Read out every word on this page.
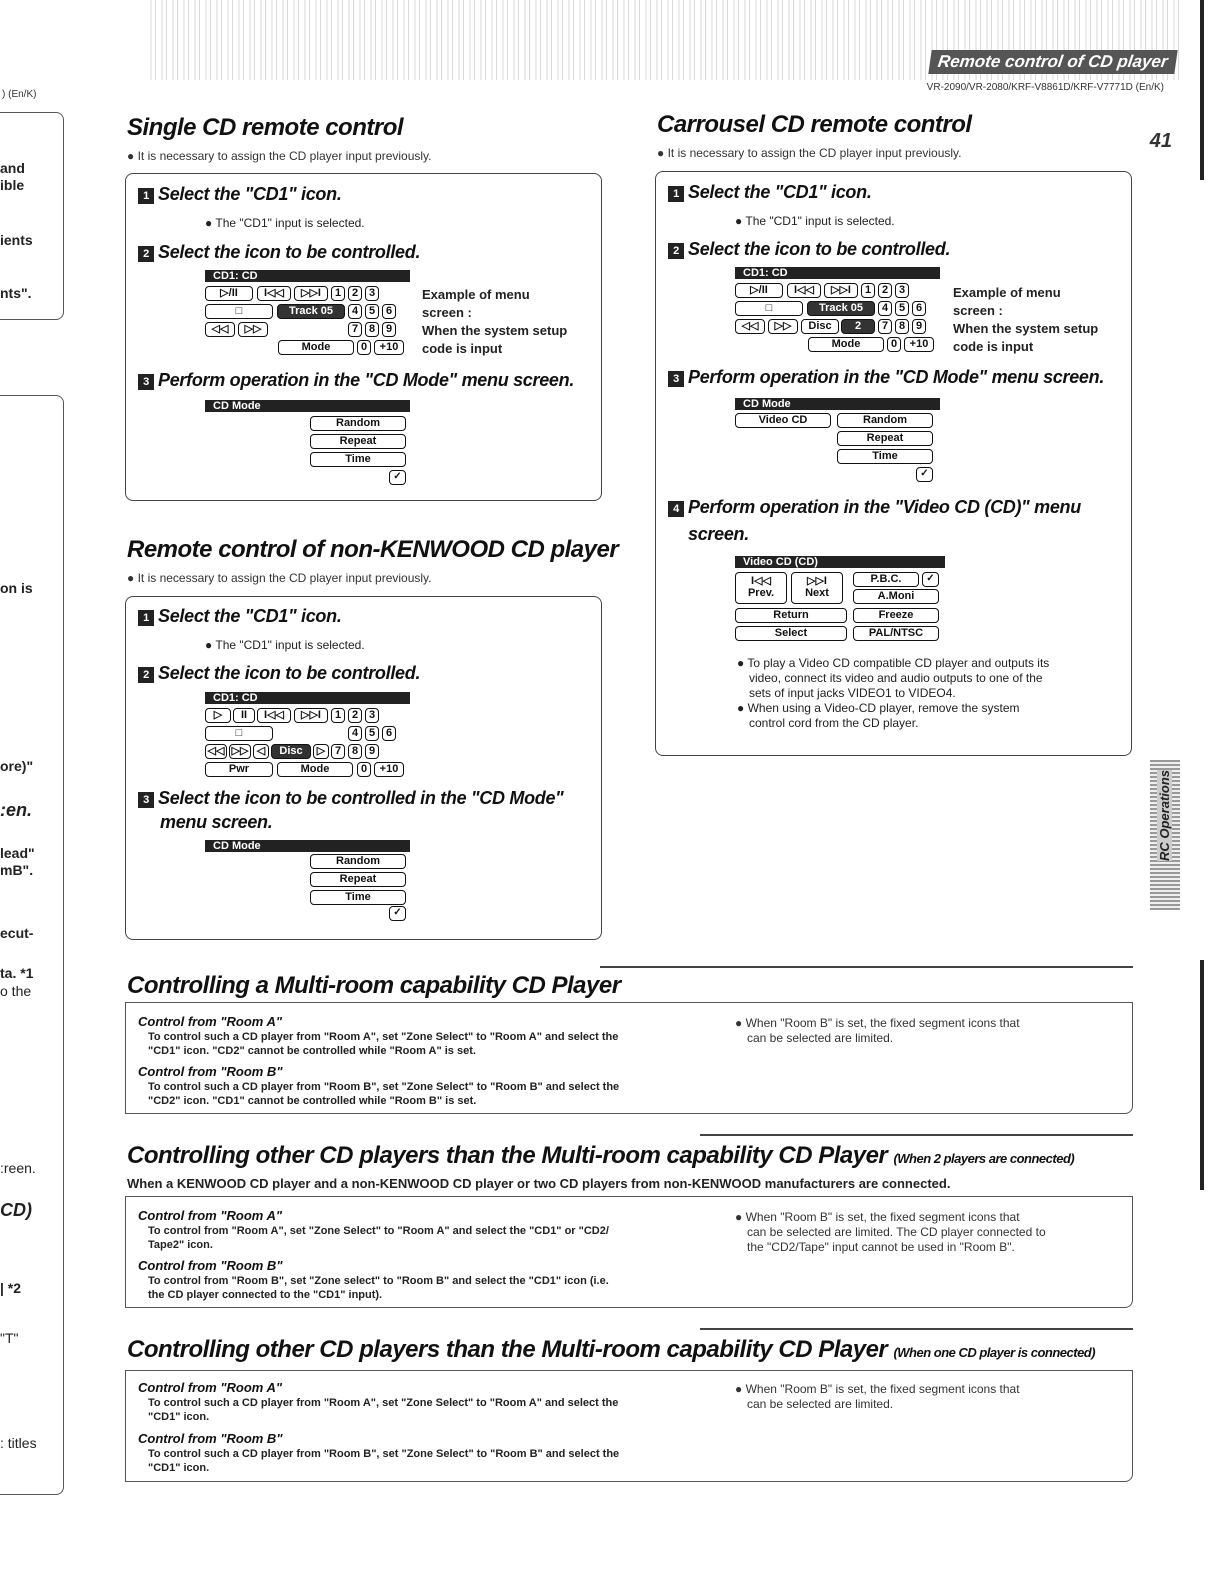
Remote control of CD player
VR-2090/VR-2080/KRF-V8861D/KRF-V7771D (En/K)
) (En/K)
41
RC Operations
and
ible
ients
nts".
on is
ore)"
:en.
lead"
mB".
ecut-
ta. *1
o the
:reen.
CD)
| *2
"T"
: titles
Single CD remote control
● It is necessary to assign the CD player input previously.
1 Select the "CD1" icon.
● The "CD1" input is selected.
2 Select the icon to be controlled.
CD1: CD
▷/II	I◁◁	▷▷I	1 2 3
□	Track 05	4 5 6
◁◁	▷▷	7 8 9
Mode	0	+10
Example of menu
screen :
When the system setup
code is input
3 Perform operation in the "CD Mode" menu screen.
CD Mode
Random
Repeat
Time
✓
Remote control of non-KENWOOD CD player
● It is necessary to assign the CD player input previously.
1 Select the "CD1" icon.
● The "CD1" input is selected.
2 Select the icon to be controlled.
CD1: CD
▷	II	I◁◁	▷▷I	1 2 3
□	4 5 6
◁◁ ▷▷ ◁	Disc	▷ 7 8 9
Pwr	Mode	0	+10
3 Select the icon to be controlled in the "CD Mode"
menu screen.
CD Mode
Random
Repeat
Time
✓
Carrousel CD remote control
● It is necessary to assign the CD player input previously.
1 Select the "CD1" icon.
● The "CD1" input is selected.
2 Select the icon to be controlled.
CD1: CD
▷/II	I◁◁	▷▷I	1 2 3
□	Track 05	4 5 6
◁◁	▷▷	Disc	2	7 8 9
Mode	0	+10
Example of menu
screen :
When the system setup
code is input
3 Perform operation in the "CD Mode" menu screen.
CD Mode
Video CD	Random
Repeat
Time
✓
4 Perform operation in the "Video CD (CD)" menu
screen.
Video CD (CD)
I◁◁
Prev.
▷▷I
Next
P.B.C.	✓
A.Moni
Return	Freeze
Select	PAL/NTSC
● To play a Video CD compatible CD player and outputs its
video, connect its video and audio outputs to one of the
sets of input jacks VIDEO1 to VIDEO4.
● When using a Video-CD player, remove the system
control cord from the CD player.
Controlling a Multi-room capability CD Player
Control from "Room A"
To control such a CD player from "Room A", set "Zone Select" to "Room A" and select the
"CD1" icon. "CD2" cannot be controlled while "Room A" is set.
Control from "Room B"
To control such a CD player from "Room B", set "Zone Select" to "Room B" and select the
"CD2" icon. "CD1" cannot be controlled while "Room B" is set.
● When "Room B" is set, the fixed segment icons that
can be selected are limited.
Controlling other CD players than the Multi-room capability CD Player (When 2 players are connected)
When a KENWOOD CD player and a non-KENWOOD CD player or two CD players from non-KENWOOD manufacturers are connected.
Control from "Room A"
To control from "Room A", set "Zone Select" to "Room A" and select the "CD1" or "CD2/
Tape2" icon.
Control from "Room B"
To control from "Room B", set "Zone select" to "Room B" and select the "CD1" icon (i.e.
the CD player connected to the "CD1" input).
● When "Room B" is set, the fixed segment icons that
can be selected are limited. The CD player connected to
the "CD2/Tape" input cannot be used in "Room B".
Controlling other CD players than the Multi-room capability CD Player (When one CD player is connected)
Control from "Room A"
To control such a CD player from "Room A", set "Zone Select" to "Room A" and select the
"CD1" icon.
Control from "Room B"
To control such a CD player from "Room B", set "Zone Select" to "Room B" and select the
"CD1" icon.
● When "Room B" is set, the fixed segment icons that
can be selected are limited.
